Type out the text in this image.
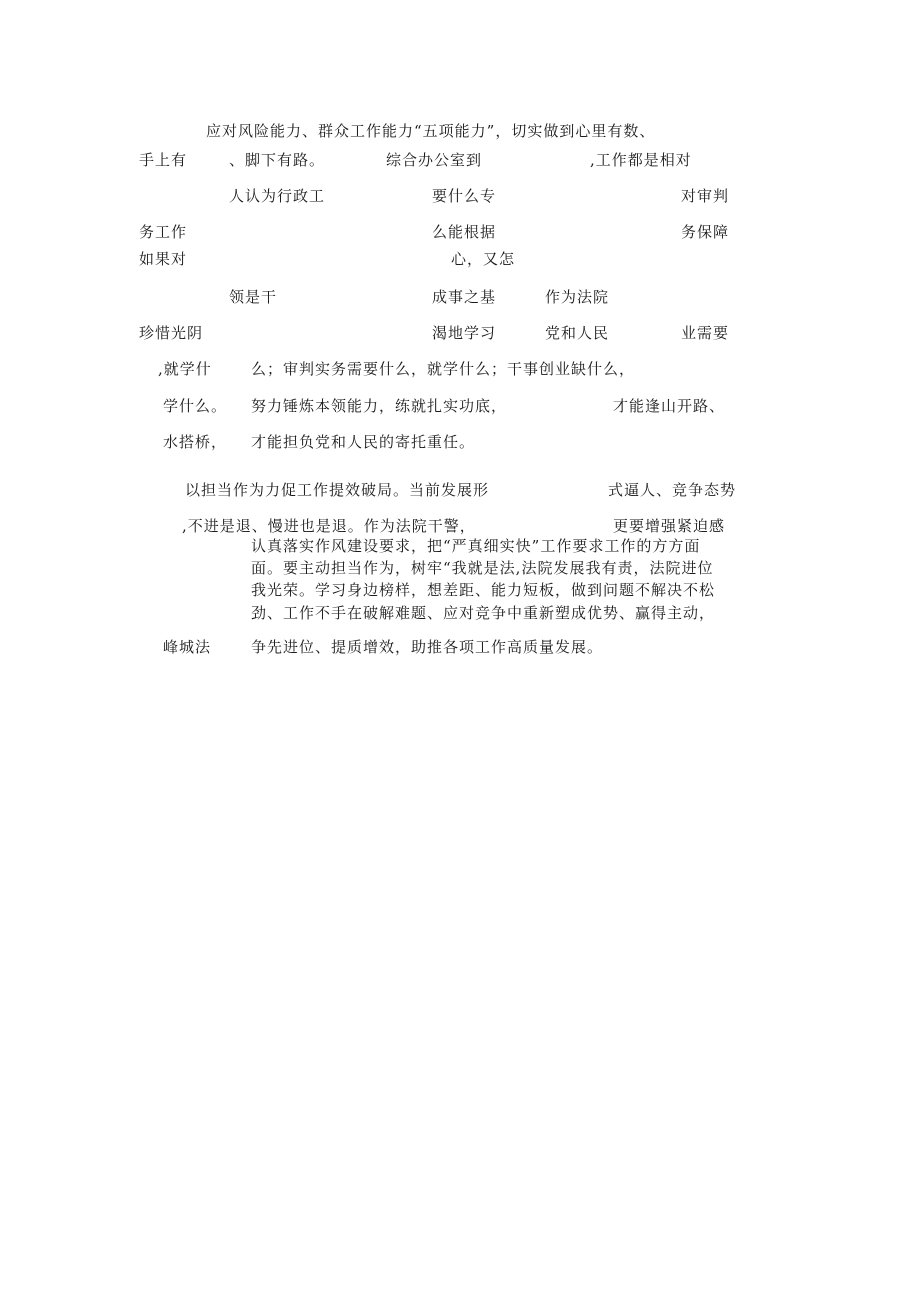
应对风险能力、群众工作能力“五项能力”，切实做到心里有数、
手上有	、脚下有路。	综合办公室到	,工作都是相对
人认为行政工	要什么专	对审判
务工作	么能根据	务保障
如果对	心，又怎
领是干	成事之基	作为法院
珍惜光阴	渴地学习	党和人民	业需要
,就学什	么；审判实务需要什么，就学什么；干事创业缺什么，
学什么。 努力锤炼本领能力，练就扎实功底，	才能逢山开路、
水搭桥， 才能担负党和人民的寄托重任。
以担当作为力促工作提效破局。当前发展形	式逼人、竞争态势
,不进是退、慢进也是退。作为法院干警，	更要增强紧迫感
认真落实作风建设要求，把“严真细实快”工作要求工作的方方面
面。要主动担当作为，树牢“我就是法,法院发展我有责，法院进位
我光荣。学习身边榜样，想差距、能力短板，做到问题不解决不松
劲、工作不手在破解难题、应对竞争中重新塑成优势、赢得主动，
峰城法	争先进位、提质增效，助推各项工作高质量发展。
